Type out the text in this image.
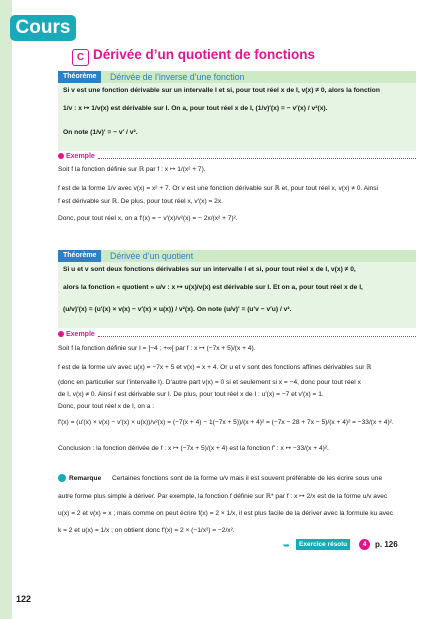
Cours
C Dérivée d’un quotient de fonctions
Théorème	Dérivée de l’inverse d’une fonction
Si v est une fonction dérivable sur un intervalle I et si, pour tout réel x de I, v(x) ≠ 0, alors la fonction
1/v : x ↦ 1/v(x) est dérivable sur I. On a, pour tout réel x de I, (1/v)′(x) = − v′(x) / v²(x).
On note (1/v)′ = − v′ / v².
Exemple
Soit f la fonction définie sur ℝ par f : x ↦ 1/(x² + 7).
f est de la forme 1/v avec v(x) = x² + 7. Or v est une fonction dérivable sur ℝ et, pour tout réel x, v(x) ≠ 0. Ainsi
f est dérivable sur ℝ. De plus, pour tout réel x, v′(x) = 2x.
Donc, pour tout réel x, on a f′(x) = − v′(x)/v²(x) = − 2x/(x² + 7)².
Théorème	Dérivée d’un quotient
Si u et v sont deux fonctions dérivables sur un intervalle I et si, pour tout réel x de I, v(x) ≠ 0,
alors la fonction « quotient » u/v : x ↦ u(x)/v(x) est dérivable sur I. Et on a, pour tout réel x de I,
(u/v)′(x) = (u′(x) × v(x) − v′(x) × u(x)) / v²(x). On note (u/v)′ = (u′v − v′u) / v².
Exemple
Soit f la fonction définie sur I = ]−4 ; +∞[ par f : x ↦ (−7x + 5)/(x + 4).
f est de la forme u/v avec u(x) = −7x + 5 et v(x) = x + 4. Or u et v sont des fonctions affines dérivables sur ℝ
(donc en particulier sur l’intervalle I). D’autre part v(x) = 0 si et seulement si x = −4, donc pour tout réel x
de I, v(x) ≠ 0. Ainsi f est dérivable sur I. De plus, pour tout réel x de I : u′(x) = −7 et v′(x) = 1.
Donc, pour tout réel x de I, on a :
f′(x) = (u′(x) × v(x) − v′(x) × u(x))/v²(x) = (−7(x + 4) − 1(−7x + 5))/(x + 4)² = (−7x − 28 + 7x − 5)/(x + 4)² = −33/(x + 4)².
Conclusion : la fonction dérivée de f : x ↦ (−7x + 5)/(x + 4) est la fonction f′ : x ↦ −33/(x + 4)².
Remarque Certaines fonctions sont de la forme u/v mais il est souvent préférable de les écrire sous une
autre forme plus simple à dériver. Par exemple, la fonction f définie sur ℝ* par f : x ↦ 2/x est de la forme u/v avec
u(x) = 2 et v(x) = x ; mais comme on peut écrire f(x) = 2 × 1/x, il est plus facile de la dériver avec la formule ku avec
k = 2 et u(x) = 1/x ; on obtient donc f′(x) = 2 × (−1/x²) = −2/x².
➥	Exercice résolu	4	p. 126
122
